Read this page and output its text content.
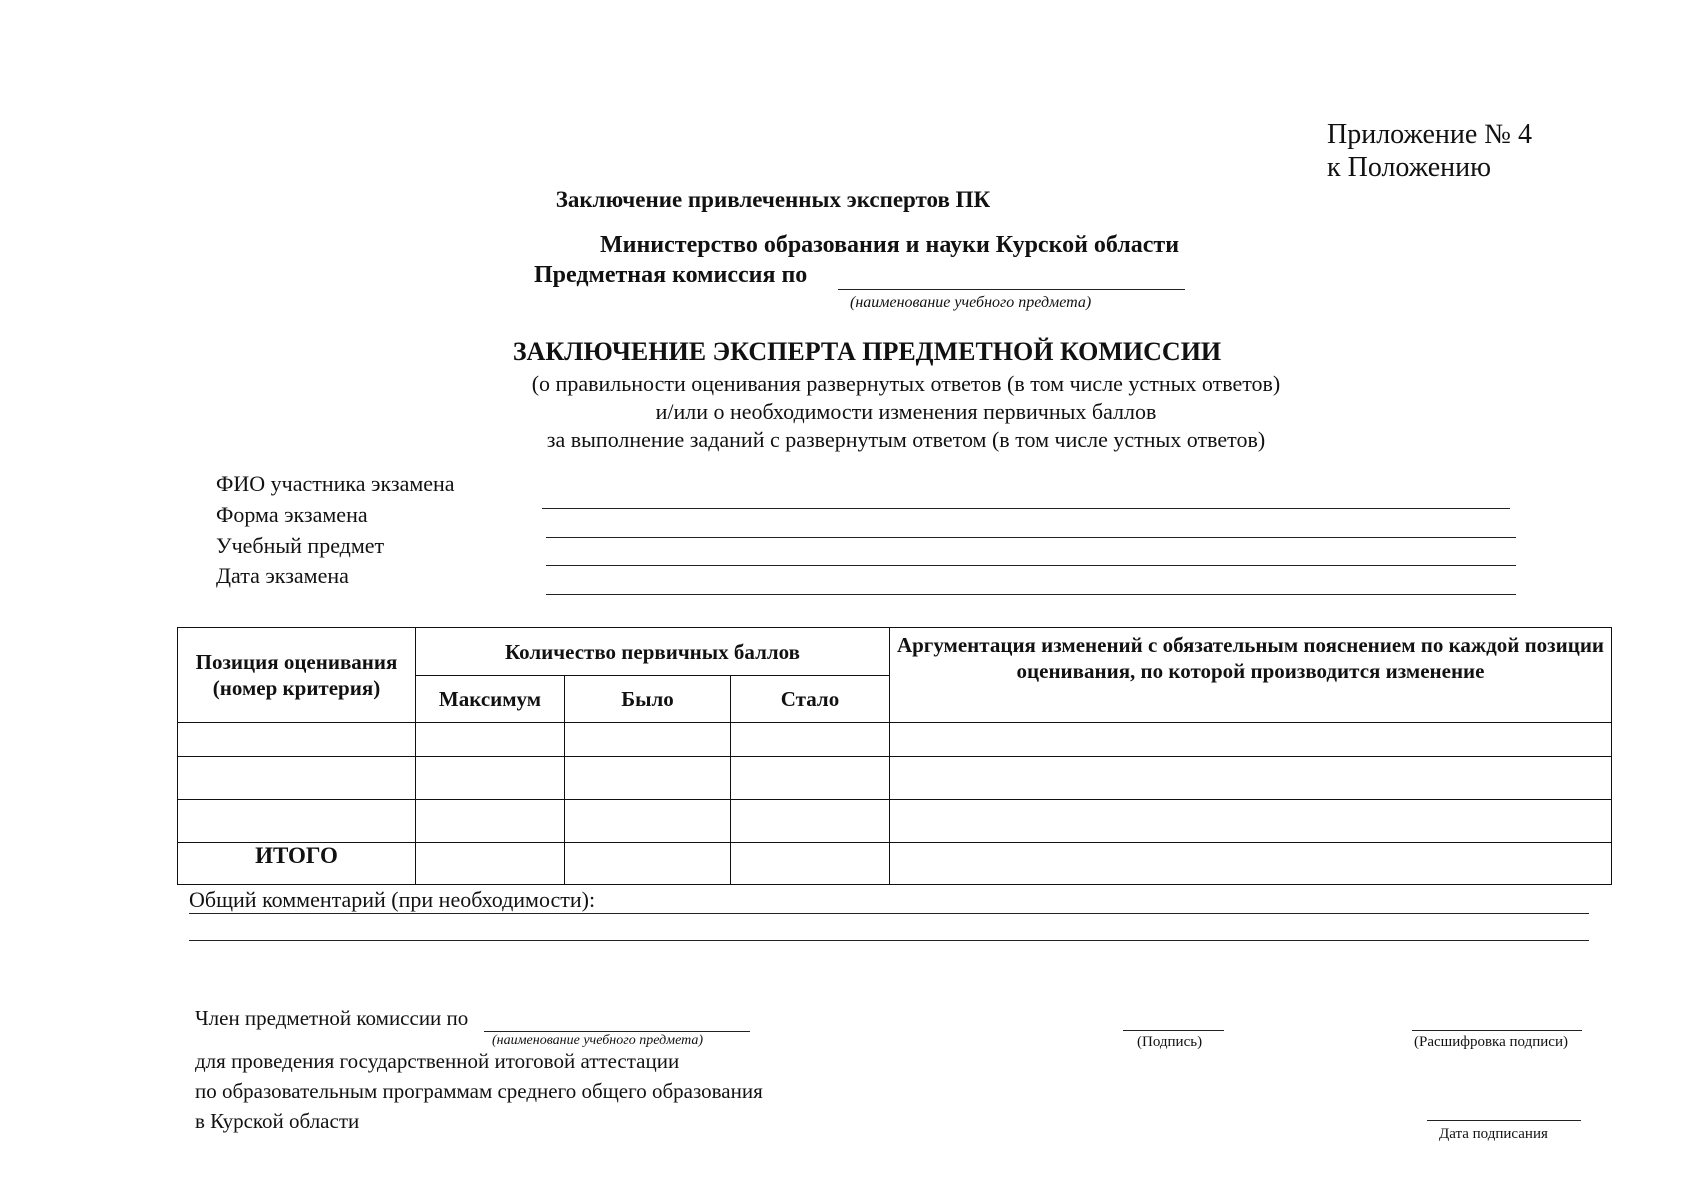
Приложение № 4
к Положению
Заключение привлеченных экспертов ПК
Министерство образования и науки Курской области
Предметная комиссия по
(наименование учебного предмета)
ЗАКЛЮЧЕНИЕ ЭКСПЕРТА ПРЕДМЕТНОЙ КОМИССИИ
(о правильности оценивания развернутых ответов (в том числе устных ответов)
и/или о необходимости изменения первичных баллов
за выполнение заданий с развернутым ответом (в том числе устных ответов)
ФИО участника экзамена
Форма экзамена
Учебный предмет
Дата экзамена
Позиция оценивания (номер критерия)	Количество первичных баллов			Аргументация изменений с обязательным пояснением по каждой позиции оценивания, по которой производится изменение
	Максимум	Было	Стало	

ИТОГО				
Общий комментарий (при необходимости):
Член предметной комиссии по
(наименование учебного предмета)
для проведения государственной итоговой аттестации
по образовательным программам среднего общего образования
в Курской области
(Подпись)	(Расшифровка подписи)
Дата подписания
